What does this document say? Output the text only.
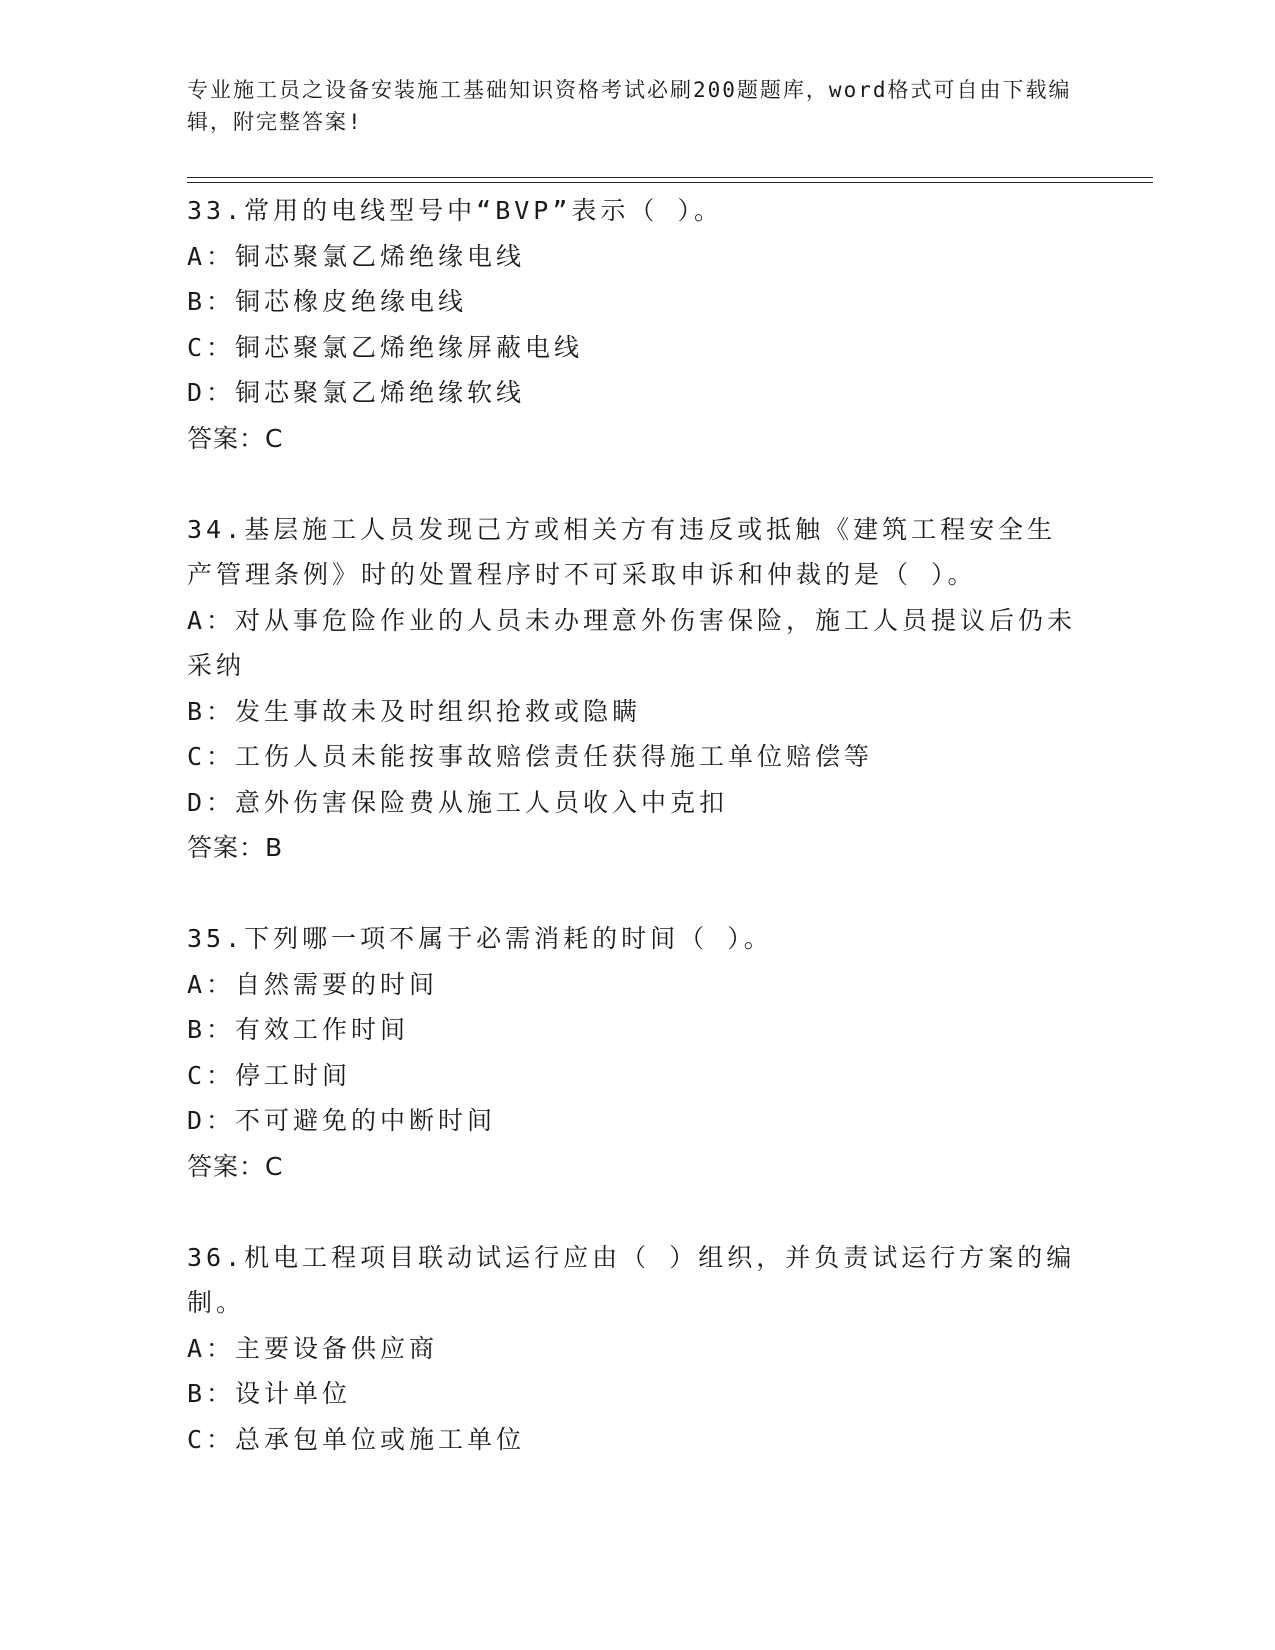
专业施工员之设备安装施工基础知识资格考试必刷200题题库，word格式可自由下载编辑，附完整答案!

33.常用的电线型号中“BVP”表示（ ）。

A：铜芯聚氯乙烯绝缘电线

B：铜芯橡皮绝缘电线

C：铜芯聚氯乙烯绝缘屏蔽电线

D：铜芯聚氯乙烯绝缘软线

答案：C

34.基层施工人员发现己方或相关方有违反或抵触《建筑工程安全生产管理条例》时的处置程序时不可采取申诉和仲裁的是（ ）。

A：对从事危险作业的人员未办理意外伤害保险，施工人员提议后仍未采纳

B：发生事故未及时组织抢救或隐瞒

C：工伤人员未能按事故赔偿责任获得施工单位赔偿等

D：意外伤害保险费从施工人员收入中克扣

答案：B

35.下列哪一项不属于必需消耗的时间（ ）。

A：自然需要的时间

B：有效工作时间

C：停工时间

D：不可避免的中断时间

答案：C

36.机电工程项目联动试运行应由（ ）组织，并负责试运行方案的编制。

A：主要设备供应商

B：设计单位

C：总承包单位或施工单位
